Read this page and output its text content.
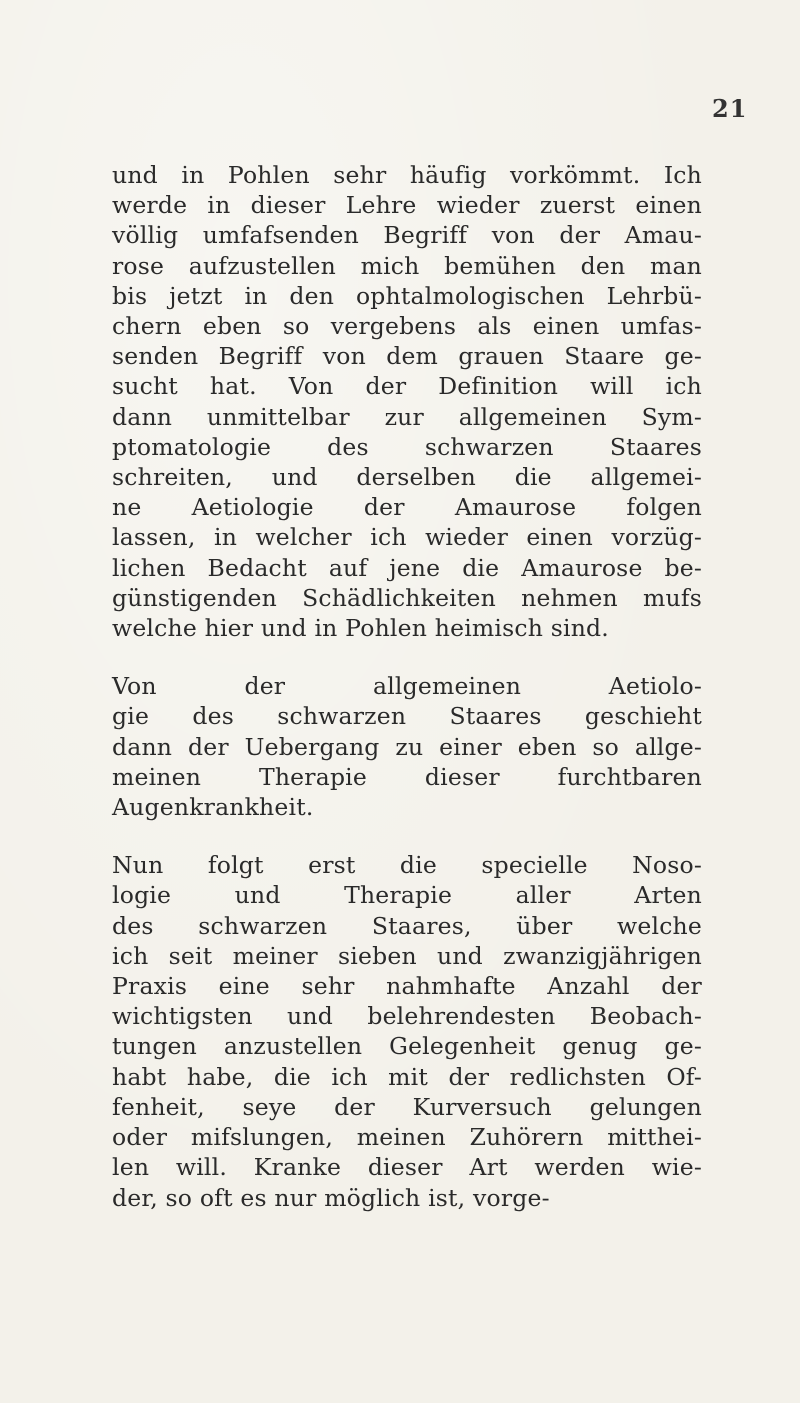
21
und in Pohlen sehr häufig vorkömmt. Ich
werde in dieser Lehre wieder zuerst einen
völlig umfafsenden Begriff von der Amau-
rose aufzustellen mich bemühen den man
bis jetzt in den ophtalmologischen Lehrbü-
chern eben so vergebens als einen umfas-
senden Begriff von dem grauen Staare ge-
sucht hat. Von der Definition will ich
dann unmittelbar zur allgemeinen Sym-
ptomatologie des schwarzen Staares
schreiten, und derselben die allgemei-
ne Aetiologie der Amaurose folgen
lassen, in welcher ich wieder einen vorzüg-
lichen Bedacht auf jene die Amaurose be-
günstigenden Schädlichkeiten nehmen mufs
welche hier und in Pohlen heimisch sind.
Von der allgemeinen Aetiolo-
gie des schwarzen Staares geschieht
dann der Uebergang zu einer eben so allge-
meinen Therapie dieser furchtbaren
Augenkrankheit.
Nun folgt erst die specielle Noso-
logie und Therapie aller Arten
des schwarzen Staares, über welche
ich seit meiner sieben und zwanzigjährigen
Praxis eine sehr nahmhafte Anzahl der
wichtigsten und belehrendesten Beobach-
tungen anzustellen Gelegenheit genug ge-
habt habe, die ich mit der redlichsten Of-
fenheit, seye der Kurversuch gelungen
oder mifslungen, meinen Zuhörern mitthei-
len will. Kranke dieser Art werden wie-
der, so oft es nur möglich ist, vorge-
